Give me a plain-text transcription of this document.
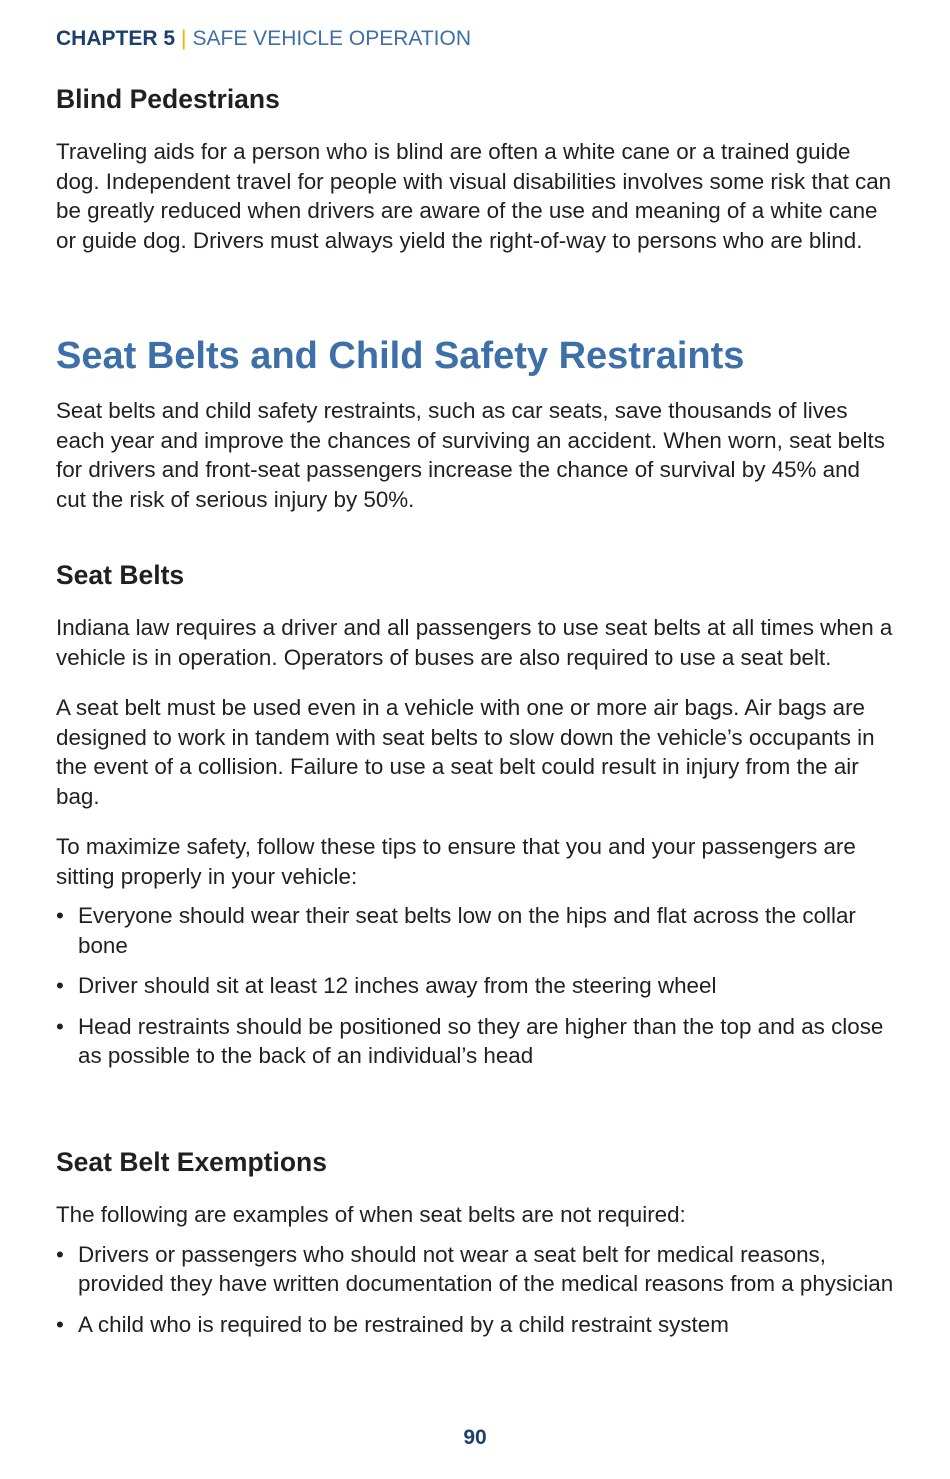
CHAPTER 5 | SAFE VEHICLE OPERATION
Blind Pedestrians

Traveling aids for a person who is blind are often a white cane or a trained guide dog. Independent travel for people with visual disabilities involves some risk that can be greatly reduced when drivers are aware of the use and meaning of a white cane or guide dog. Drivers must always yield the right-of-way to persons who are blind.

Seat Belts and Child Safety Restraints

Seat belts and child safety restraints, such as car seats, save thousands of lives each year and improve the chances of surviving an accident. When worn, seat belts for drivers and front-seat passengers increase the chance of survival by 45% and cut the risk of serious injury by 50%.

Seat Belts

Indiana law requires a driver and all passengers to use seat belts at all times when a vehicle is in operation. Operators of buses are also required to use a seat belt.

A seat belt must be used even in a vehicle with one or more air bags. Air bags are designed to work in tandem with seat belts to slow down the vehicle’s occupants in the event of a collision. Failure to use a seat belt could result in injury from the air bag.

To maximize safety, follow these tips to ensure that you and your passengers are sitting properly in your vehicle:

• Everyone should wear their seat belts low on the hips and flat across the collar bone
• Driver should sit at least 12 inches away from the steering wheel
• Head restraints should be positioned so they are higher than the top and as close as possible to the back of an individual’s head
Seat Belt Exemptions

The following are examples of when seat belts are not required:

• Drivers or passengers who should not wear a seat belt for medical reasons, provided they have written documentation of the medical reasons from a physician
• A child who is required to be restrained by a child restraint system
90
